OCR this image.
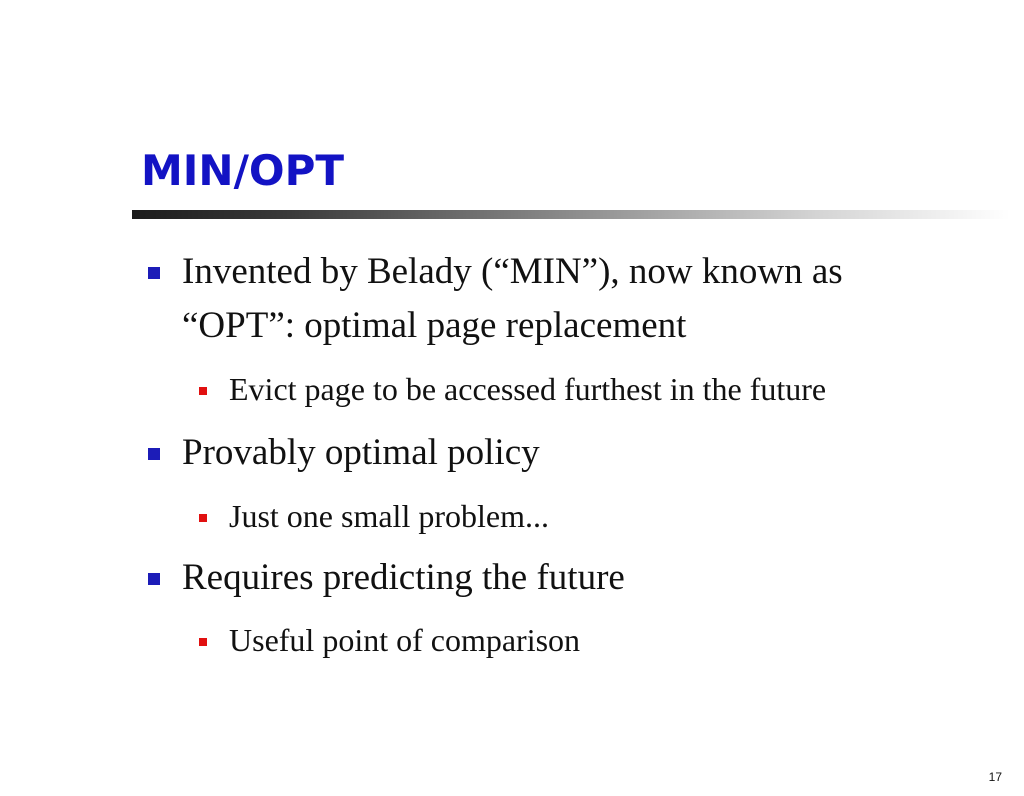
MIN/OPT
Invented by Belady (“MIN”), now known as
“OPT”: optimal page replacement
Evict page to be accessed furthest in the future
Provably optimal policy
Just one small problem...
Requires predicting the future
Useful point of comparison
17
